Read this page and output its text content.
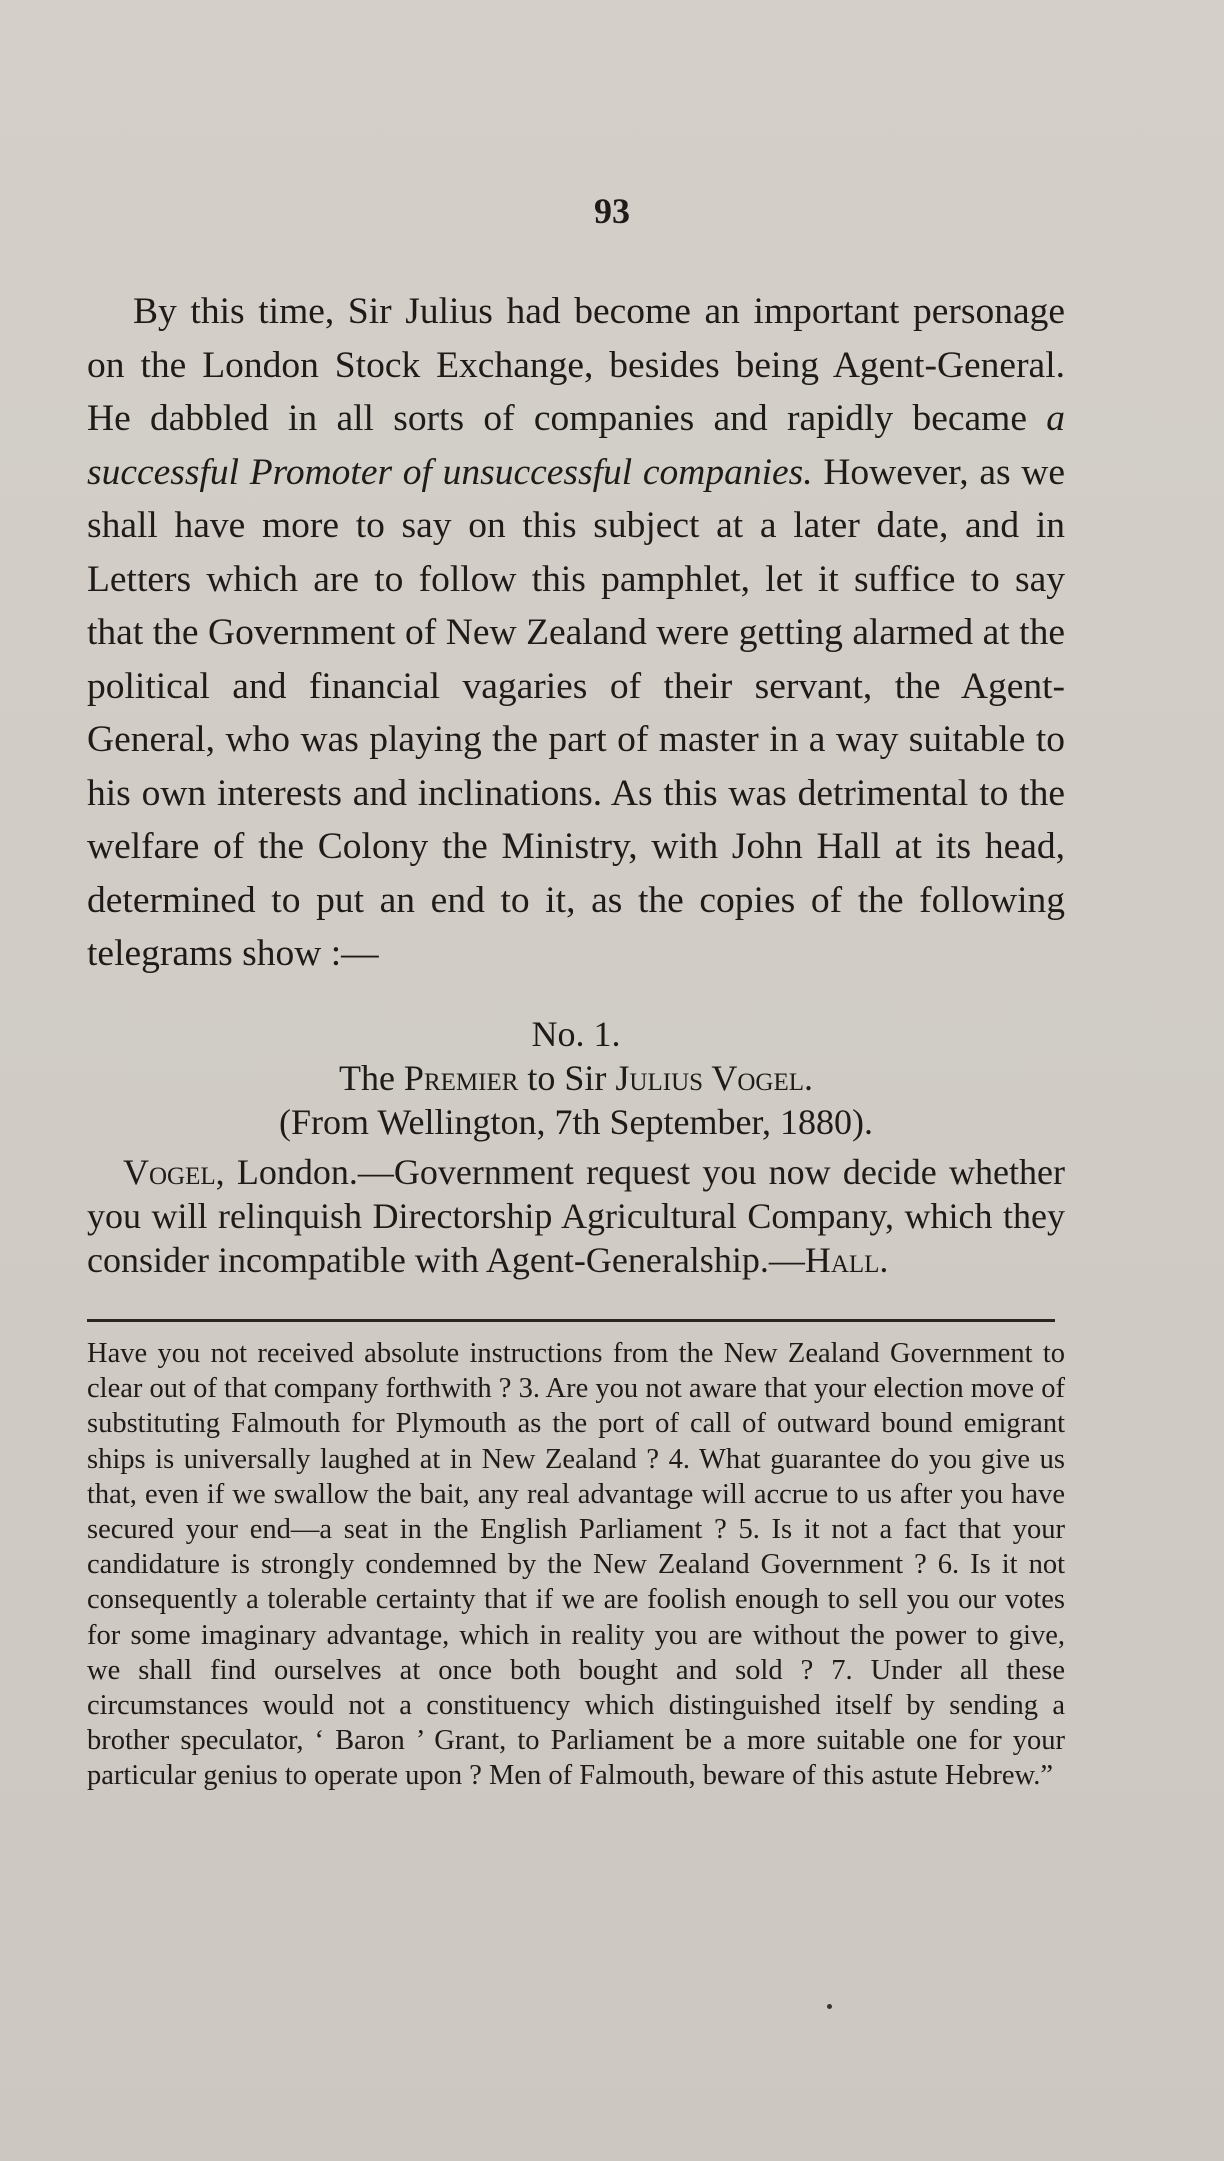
93

By this time, Sir Julius had become an important personage on the London Stock Exchange, besides being Agent-General. He dabbled in all sorts of companies and rapidly became a successful Promoter of unsuccessful companies. However, as we shall have more to say on this subject at a later date, and in Letters which are to follow this pamphlet, let it suffice to say that the Government of New Zealand were getting alarmed at the political and financial vagaries of their servant, the Agent-General, who was playing the part of master in a way suitable to his own interests and inclinations. As this was detrimental to the welfare of the Colony the Ministry, with John Hall at its head, determined to put an end to it, as the copies of the following telegrams show :—

No. 1.
The Premier to Sir Julius Vogel.
(From Wellington, 7th September, 1880).

Vogel, London.—Government request you now decide whether you will relinquish Directorship Agricultural Company, which they consider incompatible with Agent-Generalship.—Hall.

Have you not received absolute instructions from the New Zealand Government to clear out of that company forthwith ? 3. Are you not aware that your election move of substituting Falmouth for Plymouth as the port of call of outward bound emigrant ships is universally laughed at in New Zealand ? 4. What guarantee do you give us that, even if we swallow the bait, any real advantage will accrue to us after you have secured your end—a seat in the English Parliament ? 5. Is it not a fact that your candidature is strongly condemned by the New Zealand Government ? 6. Is it not consequently a tolerable certainty that if we are foolish enough to sell you our votes for some imaginary advantage, which in reality you are without the power to give, we shall find ourselves at once both bought and sold ? 7. Under all these circumstances would not a constituency which distinguished itself by sending a brother speculator, ‘ Baron ’ Grant, to Parliament be a more suitable one for your particular genius to operate upon ? Men of Falmouth, beware of this astute Hebrew.”
